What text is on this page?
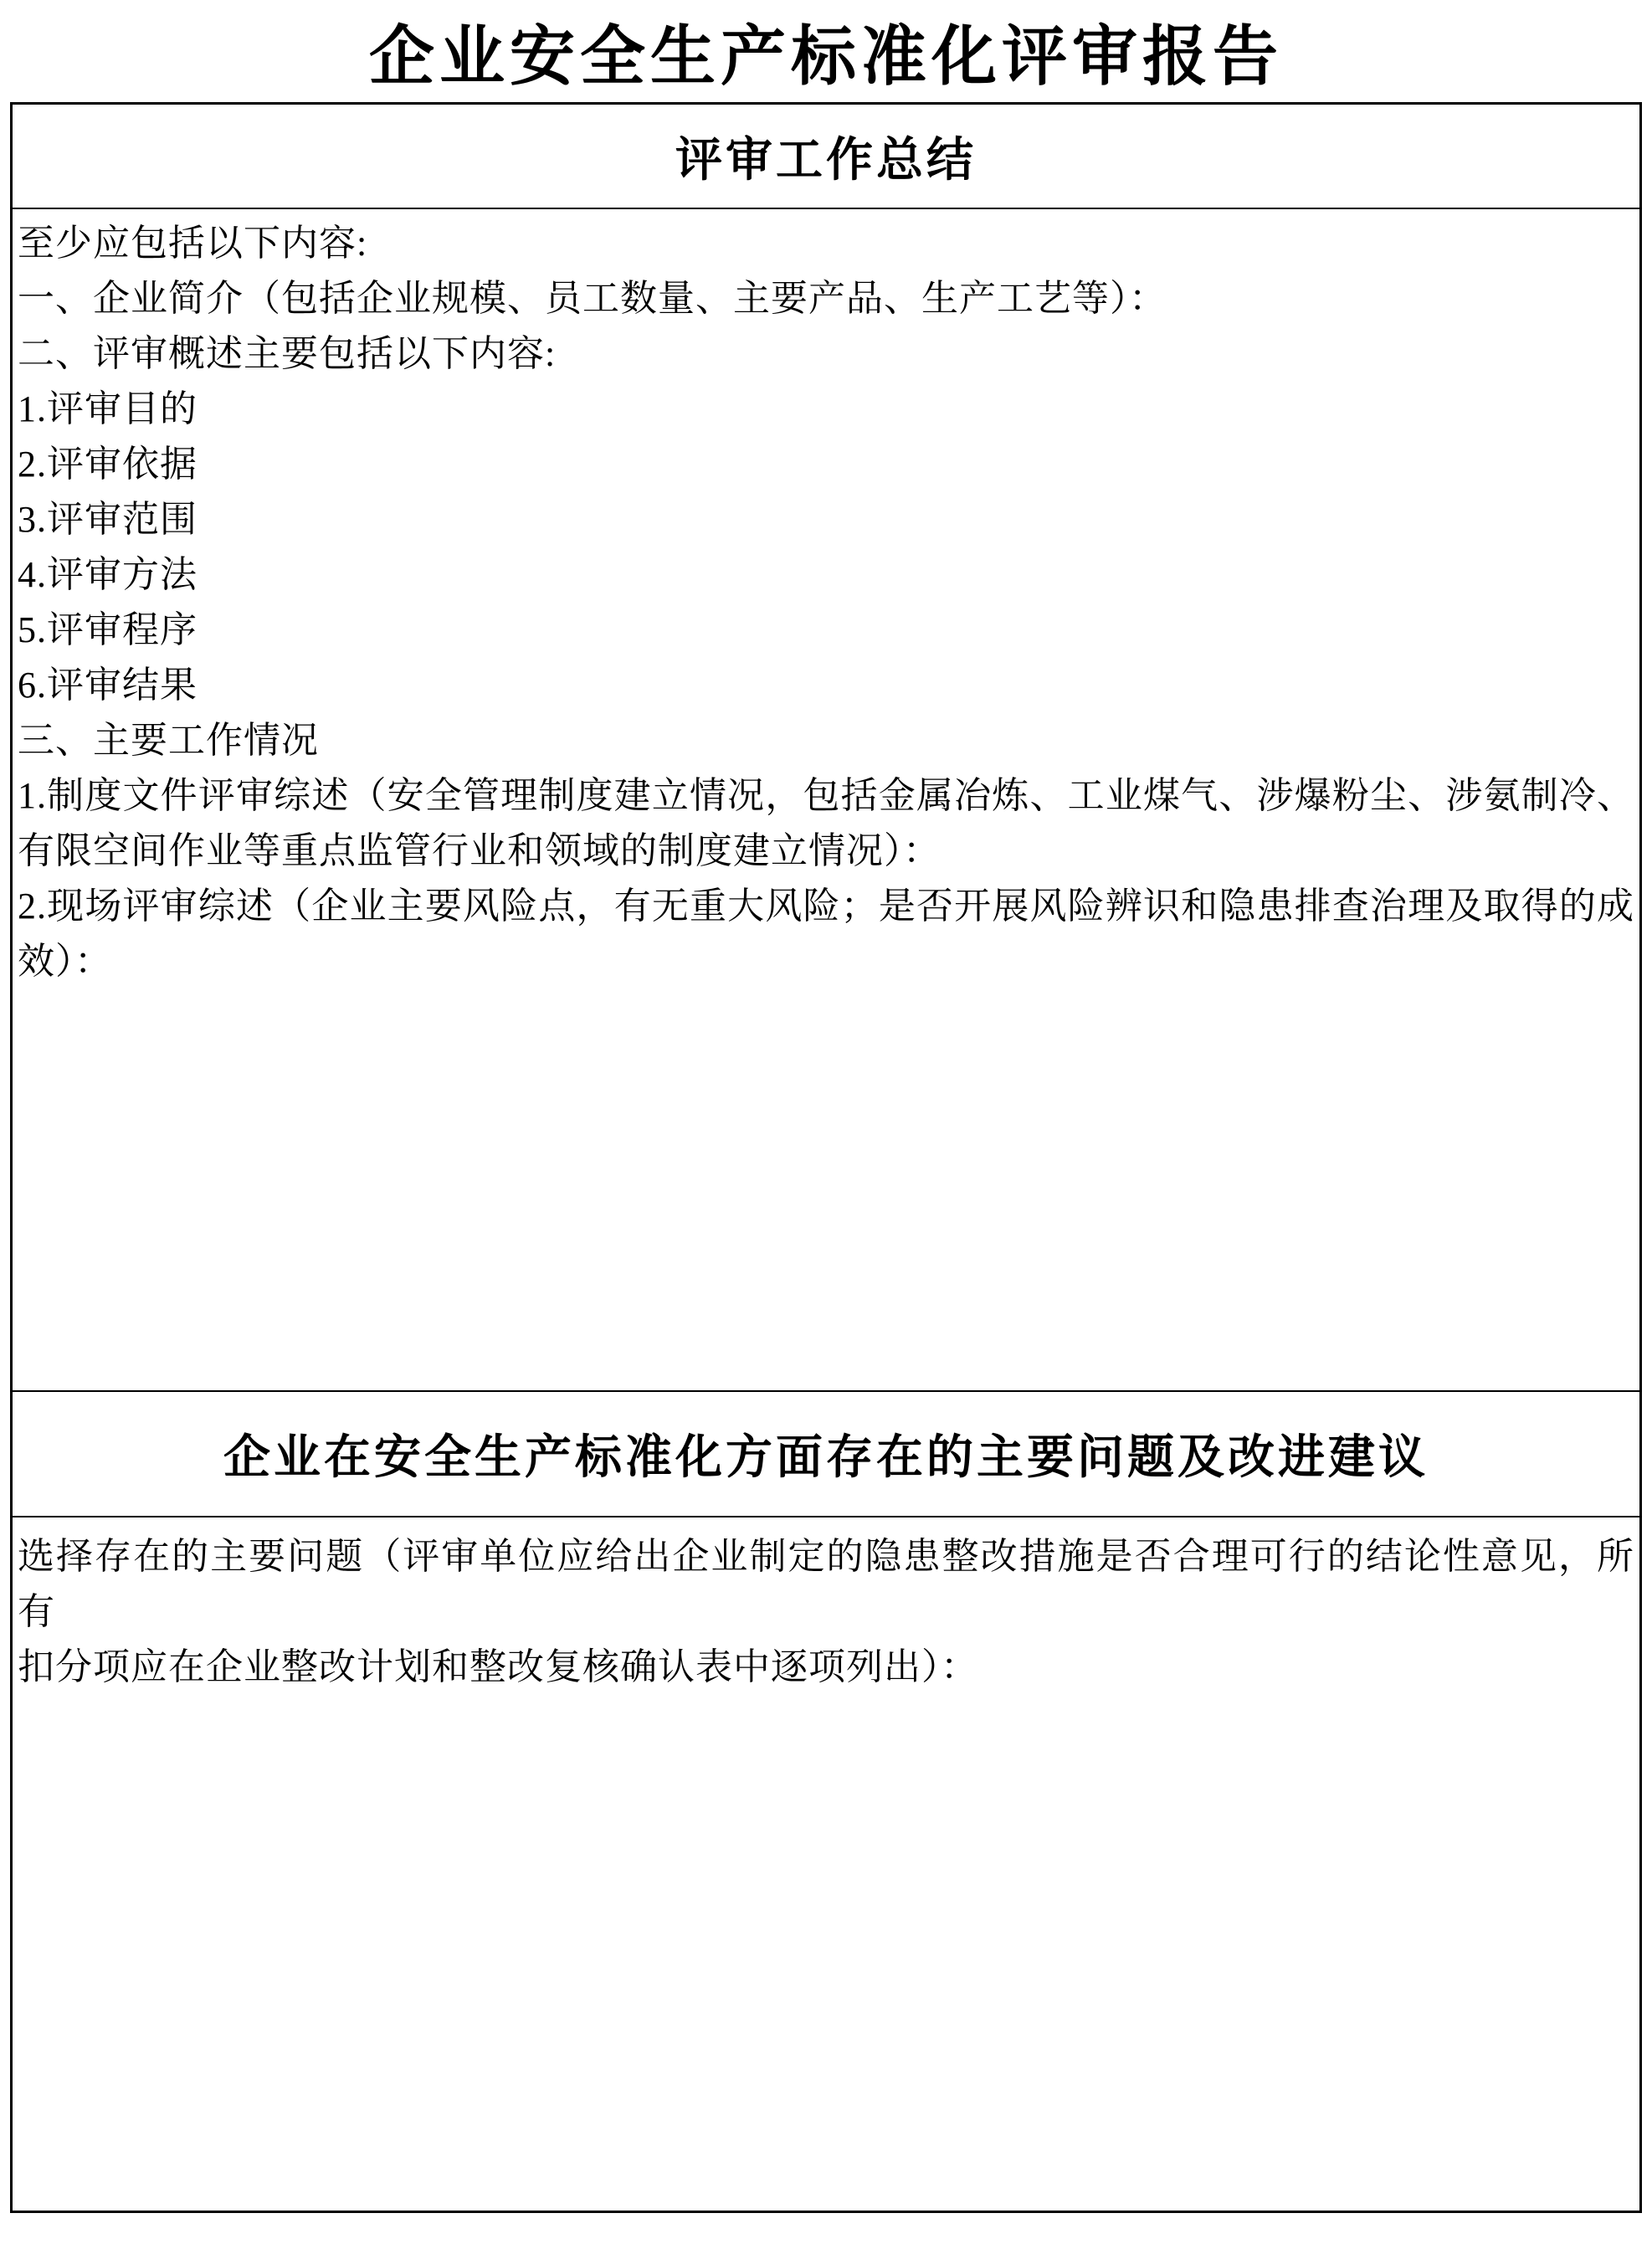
企业安全生产标准化评审报告
评审工作总结
至少应包括以下内容:
一、企业简介（包括企业规模、员工数量、主要产品、生产工艺等）：
二、评审概述主要包括以下内容:
1.评审目的
2.评审依据
3.评审范围
4.评审方法
5.评审程序
6.评审结果
三、主要工作情况
1.制度文件评审综述（安全管理制度建立情况，包括金属冶炼、工业煤气、涉爆粉尘、涉氨制冷、
有限空间作业等重点监管行业和领域的制度建立情况）：
2.现场评审综述（企业主要风险点，有无重大风险；是否开展风险辨识和隐患排查治理及取得的成
效）：
企业在安全生产标准化方面存在的主要问题及改进建议
选择存在的主要问题（评审单位应给出企业制定的隐患整改措施是否合理可行的结论性意见，所有
扣分项应在企业整改计划和整改复核确认表中逐项列出）：
